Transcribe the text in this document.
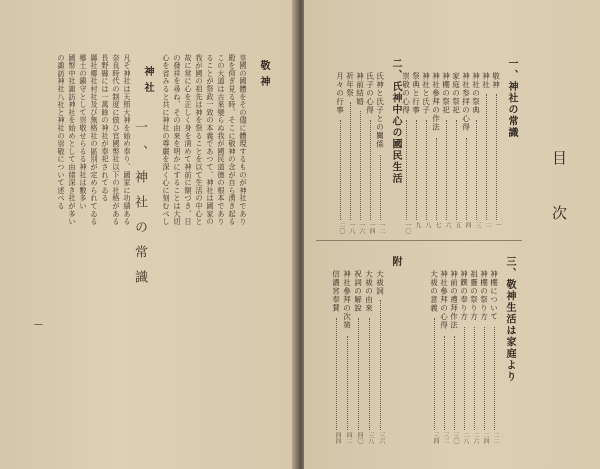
一、神社の常識
敬神
皇國の國體をその儘に體現するものが神社であり
殿を仰ぎ見る時、そこに敬神の念が自ら湧き起る
この大道は古來變らぬ我が國民道德の根本であり
ることが祭政一致の本義であつて、神社は國家の
我が國の祖先は神を祭ることを以て生活の中心と
故に常に心を正しく身を淸めて神前に額づき、日
の發祥を尋ね、その由來を明かにすることは大切
心を省みると共に神社の尊嚴を深く心に刻むべし
神社
凡そ神社は天照大神を始め奉り、國家に功績ある
奈良時代の制度に倣ひ官國幣社以下の社格がある
長野縣には一萬餘の神社が奉祀されてゐる
縣社郷社村社及び無格社の區別が定められてゐる
郷土の鎭守として崇敬せらるる神社は數多い
國幣中社諏訪神社を始めとして由緒深き社が多い
の諏訪神社八社と神社の崇敬について述べる
—
目次
一、神社の常識
敬神
一
神社
二
神社の祭典
三
神社参拝の心得
四
家庭の祭祀
五
神棚の祭祀
六
神社參拜の作法
七
神社と氏子
八
祭典と行事
九
崇敬の心得
一〇
二、氏神中心の國民生活
氏神と氏子との關係
一二
氏子の心得
一四
神前結婚
一六
祈年祭
一八
月々の行事
二〇
三、敬神生活は家庭より
神棚について
二二
神棚の祭り方
二四
祖靈の祭り方
二六
神饌の奉り方
二八
神前の禮拜作法
三〇
神社參拜の心得
三二
大祓の意義
三四
附
大祓詞
三六
大祓の由來
三八
祝詞の解說
四〇
神社參拜の次第
四二
信濃宮奉賛
四四
